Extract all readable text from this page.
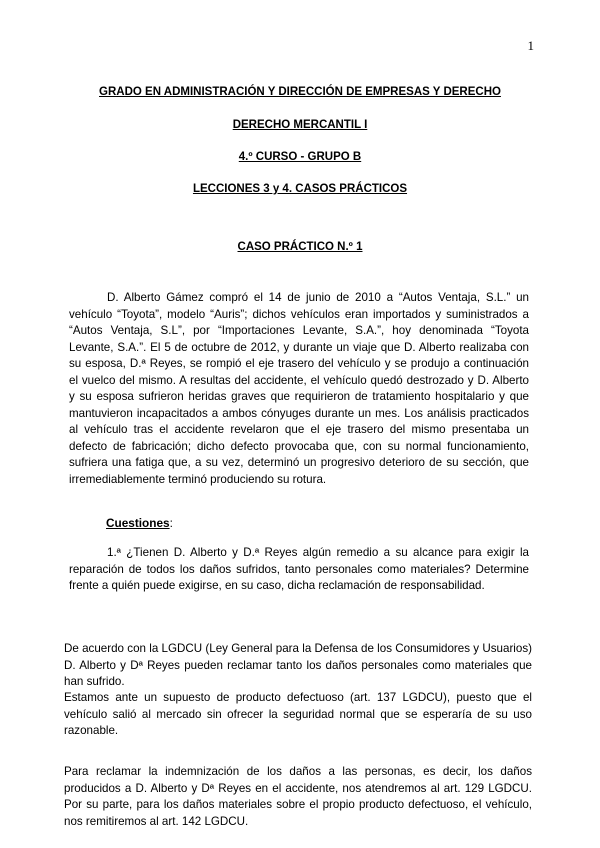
1
GRADO EN ADMINISTRACIÓN Y DIRECCIÓN DE EMPRESAS Y DERECHO
DERECHO MERCANTIL I
4.º CURSO - GRUPO B
LECCIONES 3 y 4. CASOS PRÁCTICOS
CASO PRÁCTICO N.º 1

D. Alberto Gámez compró el 14 de junio de 2010 a “Autos Ventaja, S.L.” un vehículo “Toyota”, modelo “Auris”; dichos vehículos eran importados y suministrados a “Autos Ventaja, S.L”, por “Importaciones Levante, S.A.”, hoy denominada “Toyota Levante, S.A.”. El 5 de octubre de 2012, y durante un viaje que D. Alberto realizaba con su esposa, D.ª Reyes, se rompió el eje trasero del vehículo y se produjo a continuación el vuelco del mismo. A resultas del accidente, el vehículo quedó destrozado y D. Alberto y su esposa sufrieron heridas graves que requirieron de tratamiento hospitalario y que mantuvieron incapacitados a ambos cónyuges durante un mes. Los análisis practicados al vehículo tras el accidente revelaron que el eje trasero del mismo presentaba un defecto de fabricación; dicho defecto provocaba que, con su normal funcionamiento, sufriera una fatiga que, a su vez, determinó un progresivo deterioro de su sección, que irremediablemente terminó produciendo su rotura.

Cuestiones:

1.ª ¿Tienen D. Alberto y D.ª Reyes algún remedio a su alcance para exigir la reparación de todos los daños sufridos, tanto personales como materiales? Determine frente a quién puede exigirse, en su caso, dicha reclamación de responsabilidad.

De acuerdo con la LGDCU (Ley General para la Defensa de los Consumidores y Usuarios) D. Alberto y Dª Reyes pueden reclamar tanto los daños personales como materiales que han sufrido.

Estamos ante un supuesto de producto defectuoso (art. 137 LGDCU), puesto que el vehículo salió al mercado sin ofrecer la seguridad normal que se esperaría de su uso razonable.

Para reclamar la indemnización de los daños a las personas, es decir, los daños producidos a D. Alberto y Dª Reyes en el accidente, nos atendremos al art. 129 LGDCU. Por su parte, para los daños materiales sobre el propio producto defectuoso, el vehículo, nos remitiremos al art. 142 LGDCU.
